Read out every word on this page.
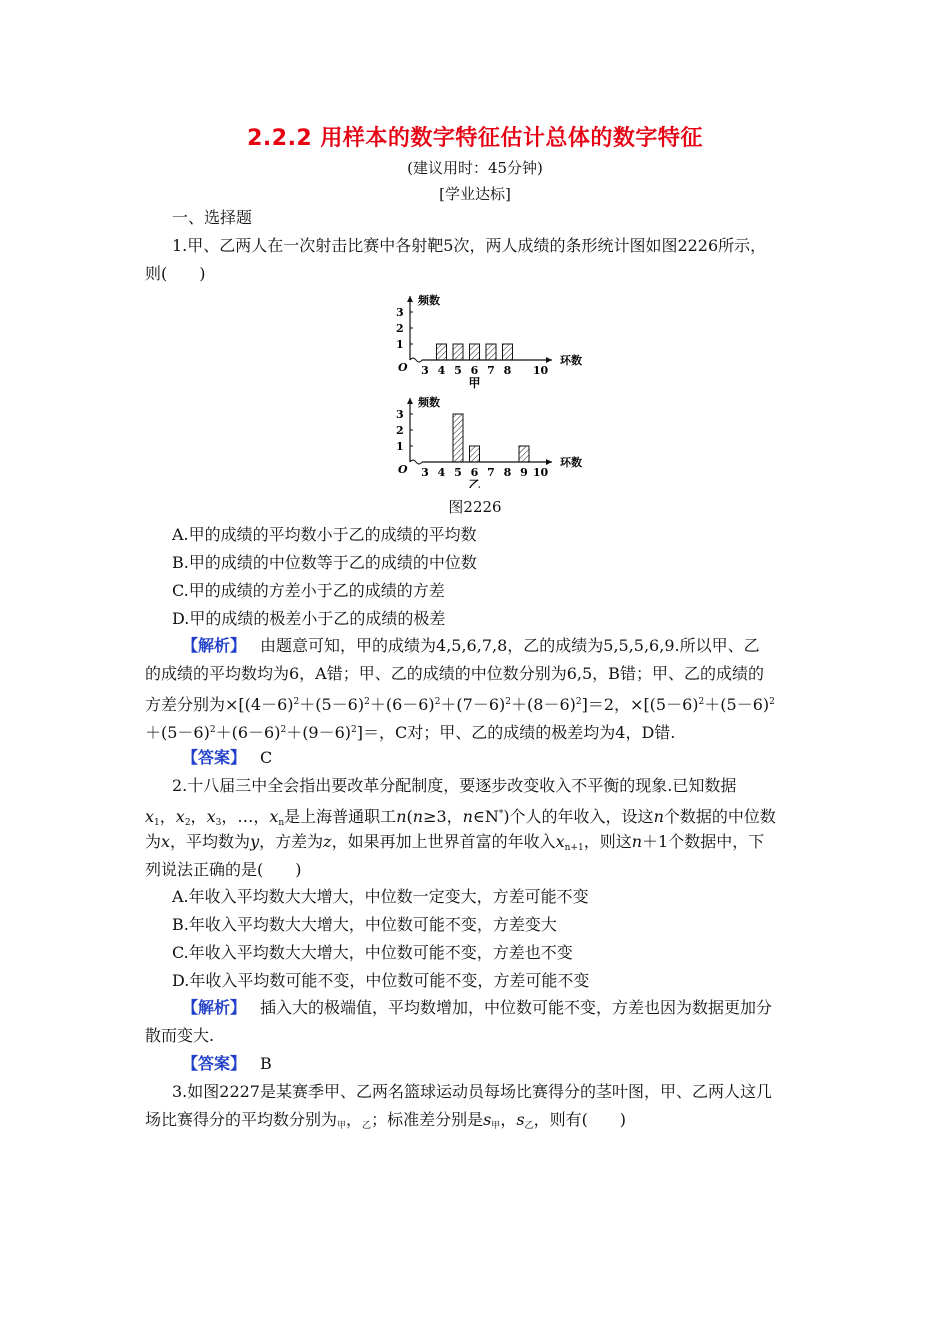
2.2.2 用样本的数字特征估计总体的数字特征
(建议用时：45分钟)
[学业达标]
一、选择题
1.甲、乙两人在一次射击比赛中各射靶5次，两人成绩的条形统计图如图2226所示，
则(　　)
频数
环数
O
1
2
3
3 4 5 6 7 8 10
甲
频数
环数
O
1
2
3
3 4 5 6 7 8 9 10
乙
图2226
A.甲的成绩的平均数小于乙的成绩的平均数
B.甲的成绩的中位数等于乙的成绩的中位数
C.甲的成绩的方差小于乙的成绩的方差
D.甲的成绩的极差小于乙的成绩的极差
【解析】 由题意可知，甲的成绩为4,5,6,7,8，乙的成绩为5,5,5,6,9.所以甲、乙
的成绩的平均数均为6，A错；甲、乙的成绩的中位数分别为6,5，B错；甲、乙的成绩的
方差分别为$\times[(4-6)^2+(5-6)^2+(6-6)^2+(7-6)^2+(8-6)^2]=2$，$\times[(5-6)^2+(5-6)^2$
$+(5-6)^2+(6-6)^2+(9-6)^2]=$，C对；甲、乙的成绩的极差均为4，D错.
【答案】 C
2.十八届三中全会指出要改革分配制度，要逐步改变收入不平衡的现象.已知数据
$x_1$，$x_2$，$x_3$，…，$x_n$是上海普通职工n(n≥3，n∈N*)个人的年收入，设这n个数据的中位数
为x，平均数为y，方差为z，如果再加上世界首富的年收入$x_{n+1}$，则这n＋1个数据中，下
列说法正确的是(　　)
A.年收入平均数大大增大，中位数一定变大，方差可能不变
B.年收入平均数大大增大，中位数可能不变，方差变大
C.年收入平均数大大增大，中位数可能不变，方差也不变
D.年收入平均数可能不变，中位数可能不变，方差可能不变
【解析】 插入大的极端值，平均数增加，中位数可能不变，方差也因为数据更加分
散而变大.
【答案】 B
3.如图2227是某赛季甲、乙两名篮球运动员每场比赛得分的茎叶图，甲、乙两人这几
场比赛得分的平均数分别为$_甲$，$_乙$；标准差分别是$s_甲$，$s_乙$，则有(　　)
